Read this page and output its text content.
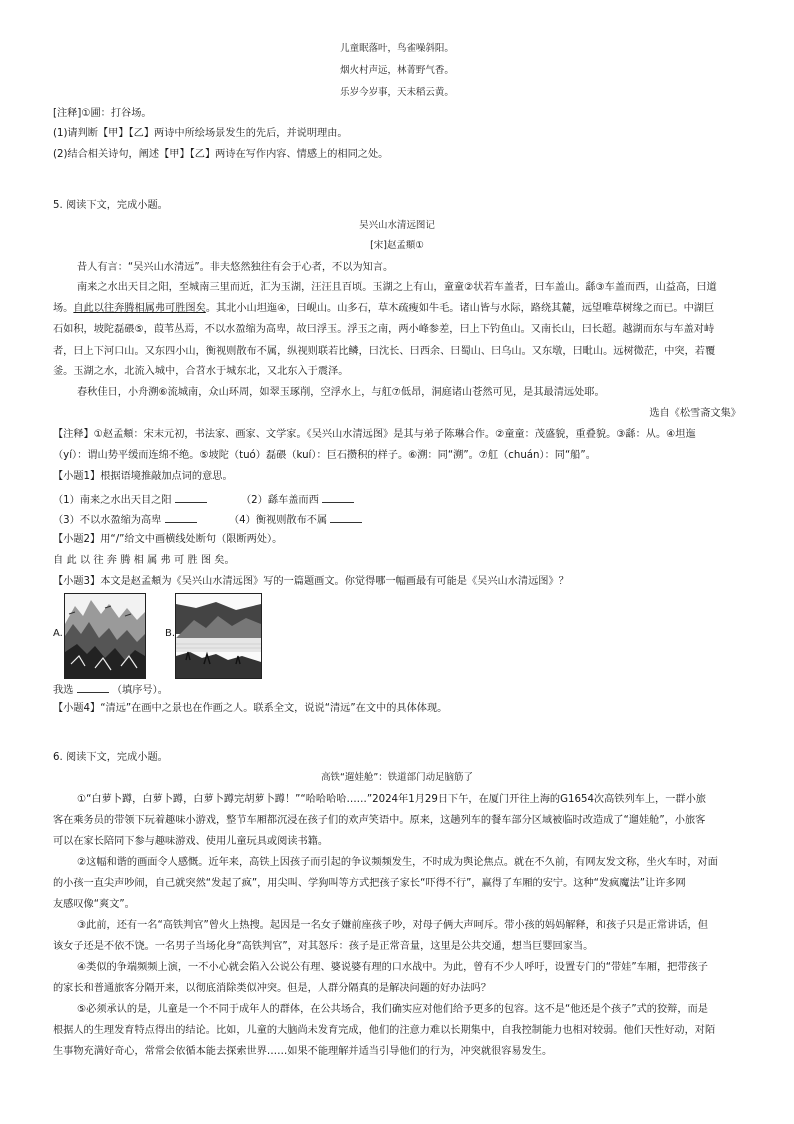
儿童眠落叶，鸟雀噪斜阳。
烟火村声远，林菁野气香。
乐岁今岁事，天未稻云黄。
[注释]①圃：打谷场。
(1)请判断【甲】【乙】两诗中所绘场景发生的先后，并说明理由。
(2)结合相关诗句，阐述【甲】【乙】两诗在写作内容、情感上的相同之处。
5. 阅读下文，完成小题。
吴兴山水清远图记
[宋]赵孟頫①
昔人有言：“吴兴山水清远”。非夫悠然独往有会于心者，不以为知言。
南来之水出天目之阳，至城南三里而近，汇为玉湖，汪汪且百顷。玉湖之上有山，童童②状若车盖者，曰车盖山。繇③车盖而西，山益高，曰道
场。自此以往奔腾相属弗可胜图矣。其北小山坦迤④，曰岘山。山多石，草木疏瘦如牛毛。诸山皆与水际，路绕其麓，远望唯草树缘之而已。中湖巨
石如积，坡陀磊碨⑤，葭苇丛焉，不以水盈缩为高卑，故曰浮玉。浮玉之南，两小峰参差，曰上下钓鱼山。又南长山，曰长超。越湖而东与车盖对峙
者，曰上下河口山。又东四小山，衡视则散布不属，纵视则联若比鳞，曰沈长、曰西余、曰蜀山、曰乌山。又东墩，曰毗山。远树微茫，中突，若覆
釜。玉湖之水，北流入城中，合苕水于城东北，又北东入于震泽。
春秋佳日，小舟溯⑥流城南，众山环周，如翠玉琢削，空浮水上，与舡⑦低昂，洞庭诸山苍然可见，是其最清远处耶。
选自《松雪斋文集》
【注释】①赵孟頫：宋末元初，书法家、画家、文学家。《吴兴山水清远图》是其与弟子陈琳合作。②童童：茂盛貌，重叠貌。③繇：从。④坦迤
（yí）：谓山势平缓而连绵不绝。⑤坡陀（tuó）磊碨（kuí）：巨石攒积的样子。⑥溯：同“溯”。⑦舡（chuán）：同“船”。
【小题1】根据语境推敲加点词的意思。
（1）南来之水出天目之阳	（2）繇车盖而西
（3）不以水盈缩为高卑	（4）衡视则散布不属
【小题2】用“/”给文中画横线处断句（限断两处）。
自 此 以 往 奔 腾 相 属 弗 可 胜 图 矣。
【小题3】本文是赵孟頫为《吴兴山水清远图》写的一篇题画文。你觉得哪一幅画最有可能是《吴兴山水清远图》？
A.	B.
我选	（填序号）。
【小题4】“清远”在画中之景也在作画之人。联系全文，说说“清远”在文中的具体体现。
6. 阅读下文，完成小题。
高铁“遛娃舱”：铁道部门动足脑筋了
①“白萝卜蹲，白萝卜蹲，白萝卜蹲完胡萝卜蹲！”“哈哈哈哈……”2024年1月29日下午，在厦门开往上海的G1654次高铁列车上，一群小旅
客在乘务员的带领下玩着趣味小游戏，整节车厢都沉浸在孩子们的欢声笑语中。原来，这趟列车的餐车部分区域被临时改造成了“遛娃舱”，小旅客
可以在家长陪同下参与趣味游戏、使用儿童玩具或阅读书籍。
②这幅和谐的画面令人感慨。近年来，高铁上因孩子而引起的争议频频发生，不时成为舆论焦点。就在不久前，有网友发文称，坐火车时，对面
的小孩一直尖声吵闹，自己就突然“发起了疯”，用尖叫、学狗叫等方式把孩子家长“吓得不行”，赢得了车厢的安宁。这种“发疯魔法”让许多网
友感叹像“爽文”。
③此前，还有一名“高铁判官”曾火上热搜。起因是一名女子嫌前座孩子吵，对母子俩大声呵斥。带小孩的妈妈解释，和孩子只是正常讲话，但
该女子还是不依不饶。一名男子当场化身“高铁判官”，对其怒斥：孩子是正常音量，这里是公共交通，想当巨婴回家当。
④类似的争端频频上演，一不小心就会陷入公说公有理、婆说婆有理的口水战中。为此，曾有不少人呼吁，设置专门的“带娃”车厢，把带孩子
的家长和普通旅客分隔开来，以彻底消除类似冲突。但是，人群分隔真的是解决问题的好办法吗？
⑤必须承认的是，儿童是一个不同于成年人的群体，在公共场合，我们确实应对他们给予更多的包容。这不是“他还是个孩子”式的狡辩，而是
根据人的生理发育特点得出的结论。比如，儿童的大脑尚未发育完成，他们的注意力难以长期集中，自我控制能力也相对较弱。他们天性好动，对陌
生事物充满好奇心，常常会依循本能去探索世界……如果不能理解并适当引导他们的行为，冲突就很容易发生。
